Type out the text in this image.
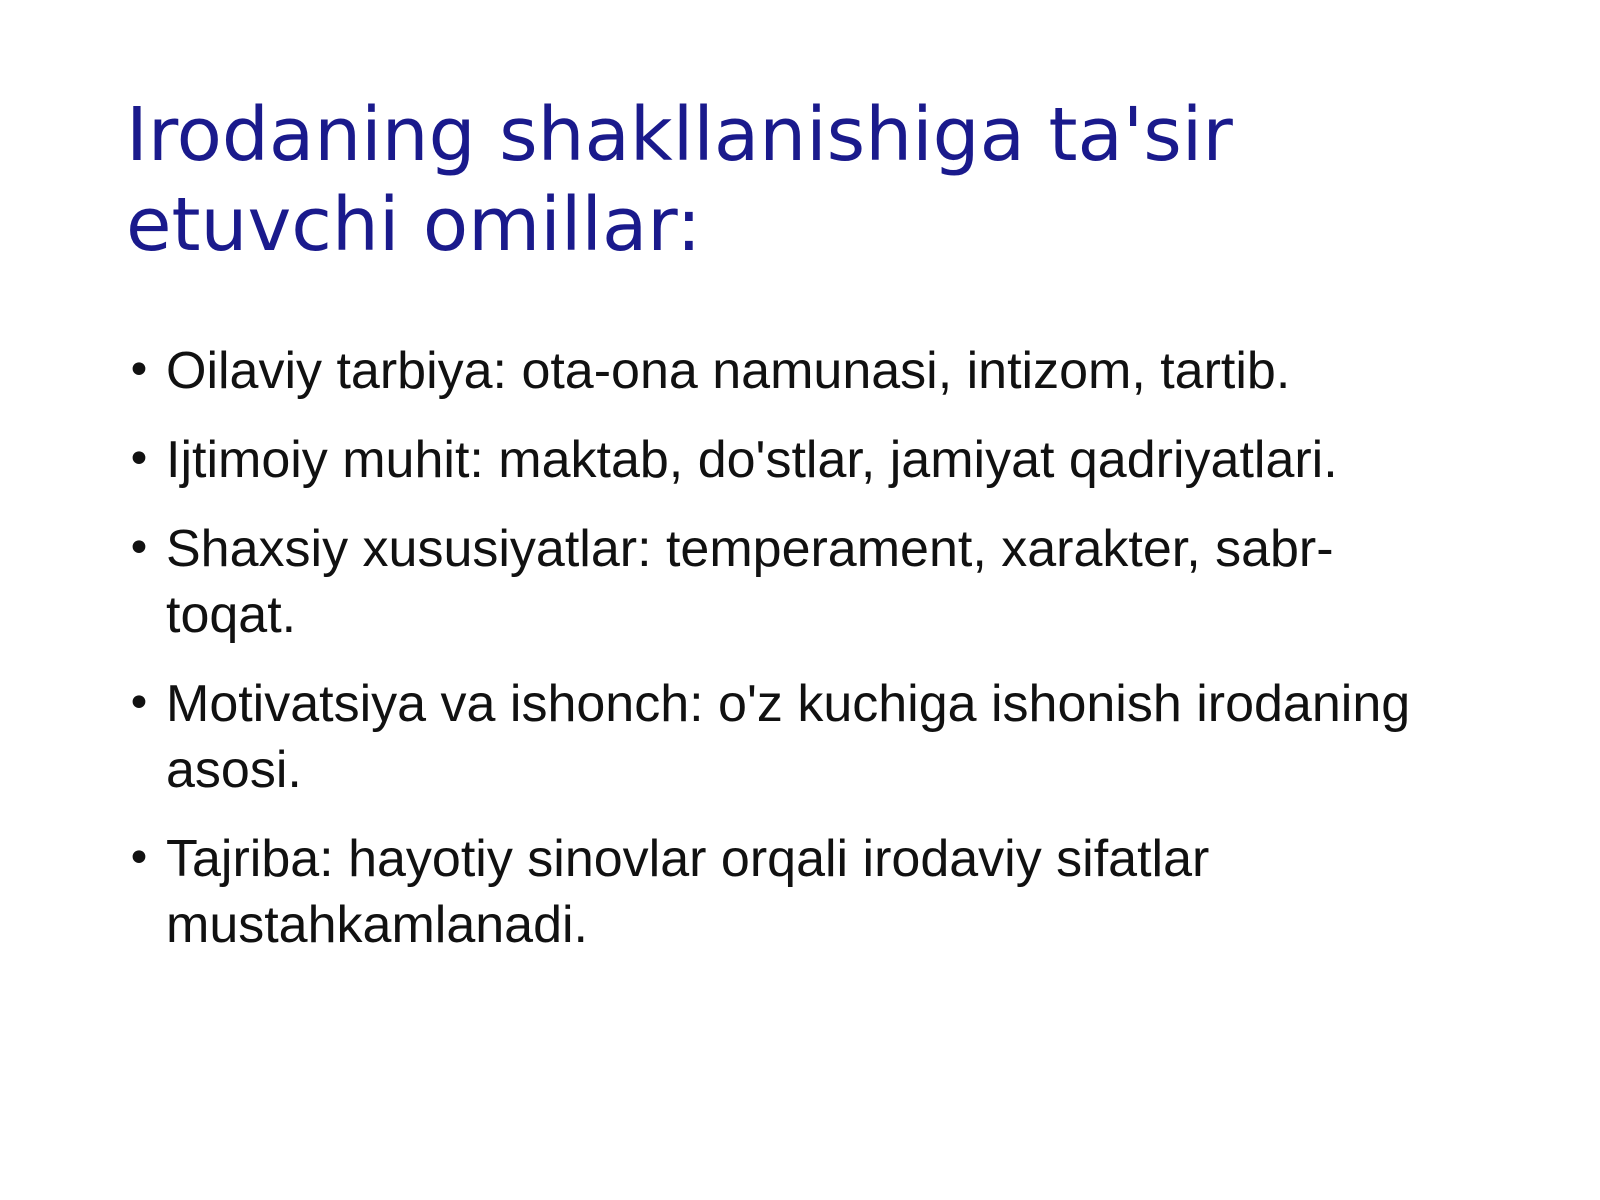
Irodaning shakllanishiga ta'sir etuvchi omillar:
• Oilaviy tarbiya: ota-ona namunasi, intizom, tartib.
• Ijtimoiy muhit: maktab, do'stlar, jamiyat qadriyatlari.
• Shaxsiy xususiyatlar: temperament, xarakter, sabr-toqat.
• Motivatsiya va ishonch: o'z kuchiga ishonish irodaning asosi.
• Tajriba: hayotiy sinovlar orqali irodaviy sifatlar mustahkamlanadi.
